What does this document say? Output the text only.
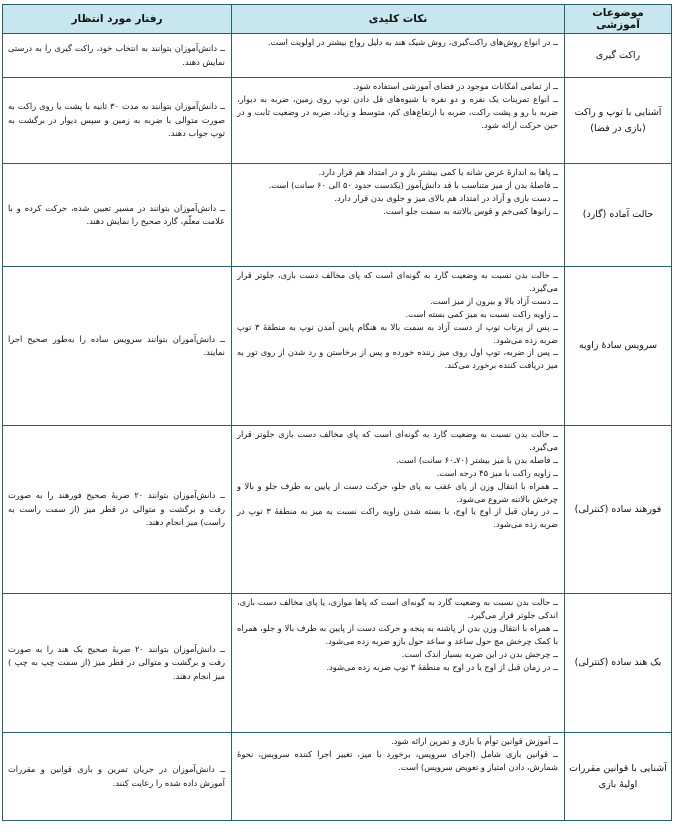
موضوعات آموزشی	نکات کلیدی	رفتار مورد انتظار
راکت گیری	ــ در انواع روش‌های راکت‌گیری، روش شیک هند به دلیل رواج بیشتر در اولویت است.	ــ دانش‌آموزان بتوانند به انتخاب خود، راکت گیری را به درستی نمایش دهند.
آشنایی با توپ و راکت (بازی در فضا)	ــ از تمامی امکانات موجود در فضای آموزشی استفاده شود.
ــ انواع تمرینات یک نفره و دو نفره با شیوه‌های قل دادن توپ روی زمین، ضربه به دیوار، ضربه با رو و پشت راکت، ضربه با ارتفاع‌های کم، متوسط و زیاد، ضربه در وضعیت ثابت و در حین حرکت ارائه شود.	ــ دانش‌آموزان بتوانند به مدت ۳۰ ثانیه با پشت یا روی راکت به صورت متوالی با ضربه به زمین و سپس دیوار در برگشت به توپ جواب دهند.
حالت آماده (گارد)	ــ پاها به اندازهٔ عرض شانه یا کمی بیشتر باز و در امتداد هم قرار دارد.
ــ فاصلهٔ بدن از میز متناسب با قد دانش‌آموز (یکدست حدود ۵۰ الی ۶۰ سانت) است.
ــ دست بازی و آزاد در امتداد هم بالای میز و جلوی بدن قرار دارد.
ــ زانوها کمی‌خم و قوس بالاتنه به سمت جلو است.	ــ دانش‌آموزان بتوانند در مسیر تعیین شده، حرکت کرده و با علامت معلّم، گارد صحیح را نمایش دهند.
سرویس سادهٔ زاویه	ــ حالت بدن نسبت به وضعیت گارد به گونه‌ای است که پای مخالف دست بازی، جلوتر قرار می‌گیرد.
ــ دست آزاد بالا و بیرون از میز است.
ــ زاویه راکت نسبت به میز کمی بسته است.
ــ پس از پرتاب توپ از دست آزاد به سمت بالا به هنگام پایین آمدن توپ به منطقهٔ ۳ توپ ضربه زده می‌شود.
ــ پس از ضربه، توپ اول روی میز زننده خورده و پس از برخاستن و رد شدن از روی تور به میز دریافت کننده برخورد می‌کند.	ــ دانش‌آموزان بتوانند سرویس ساده را به‌طور صحیح اجرا نمایند.
فورهند ساده (کنترلی)	ــ حالت بدن نسبت به وضعیت گارد به گونه‌ای است که پای مخالف دست بازی جلوتر قرار می‌گیرد.
ــ فاصله بدن با میز بیشتر (۷۰ـ۶۰ سانت) است.
ــ زاویه راکت با میز ۴۵ درجه است.
ــ همراه با انتقال وزن از پای عقب به پای جلو، حرکت دست از پایین به طرف جلو و بالا و چرخش بالاتنه شروع می‌شود.
ــ در زمان قبل از اوج یا اوج، با بسته شدن زاویه راکت نسبت به میز به منطقهٔ ۳ توپ در ضربه زده می‌شود.	ــ دانش‌آموزان بتوانند ۲۰ ضربهٔ صحیح فورهند را به صورت رفت و برگشت و متوالی در قطر میز (از سمت راست به راست) میز انجام دهند.
بک هند ساده (کنترلی)	ــ حالت بدن نسبت به وضعیت گارد به گونه‌ای است که پاها موازی، یا پای مخالف دست بازی، اندکی جلوتر قرار می‌گیرد.
ــ همراه با انتقال وزن بدن از پاشنه به پنجه و حرکت دست از پایین به طرف بالا و جلو، همراه با کمک چرخش مچ حول ساعد و ساعد حول بازو ضربه زده می‌شود.
ــ چرخش بدن در این ضربه بسیار اندک است.
ــ در زمان قبل از اوج یا در اوج به منطقهٔ ۳ توپ ضربه زده می‌شود.	ــ دانش‌آموزان بتوانند ۲۰ ضربهٔ صحیح بک هند را به صورت رفت و برگشت و متوالی در قطر میز (از سمت چپ به چپ ) میز انجام دهند.
آشنایی با قوانین مقررات اولیهٔ بازی	ــ آموزش قوانین توأم با بازی و تمرین ارائه شود.
ــ قوانین بازی شامل (اجرای سرویس، برخورد با میز، تغییر اجرا کننده سرویس، نحوهٔ شمارش، دادن امتیاز و تعویض سرویس) است.	ــ دانش‌آموزان در جریان تمرین و بازی قوانین و مقررات آموزش داده شده را رعایت کنند.
